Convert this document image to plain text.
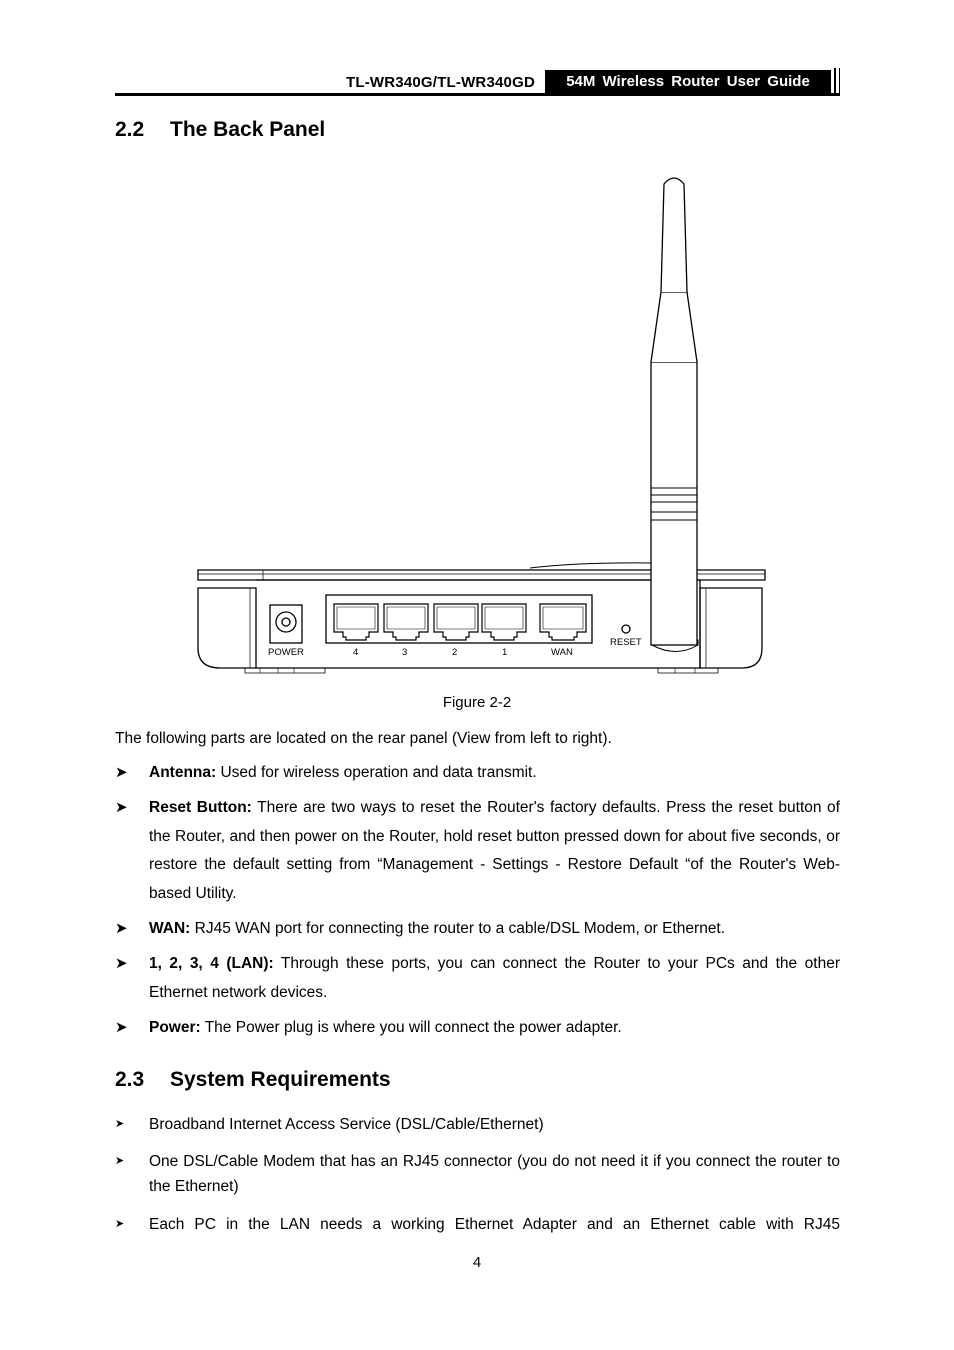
TL-WR340G/TL-WR340GD	54M Wireless Router User Guide
2.2 The Back Panel
POWER	4	3	2	1	WAN
RESET
Figure 2-2

The following parts are located on the rear panel (View from left to right).

➤ Antenna: Used for wireless operation and data transmit.
➤ Reset Button: There are two ways to reset the Router's factory defaults. Press the reset button of the Router, and then power on the Router, hold reset button pressed down for about five seconds, or restore the default setting from “Management - Settings - Restore Default “of the Router's Web-based Utility.
➤ WAN: RJ45 WAN port for connecting the router to a cable/DSL Modem, or Ethernet.
➤ 1, 2, 3, 4 (LAN): Through these ports, you can connect the Router to your PCs and the other Ethernet network devices.
➤ Power: The Power plug is where you will connect the power adapter.
2.3 System Requirements
➤ Broadband Internet Access Service (DSL/Cable/Ethernet)
➤ One DSL/Cable Modem that has an RJ45 connector (you do not need it if you connect the router to the Ethernet)
➤ Each PC in the LAN needs a working Ethernet Adapter and an Ethernet cable with RJ45
4
